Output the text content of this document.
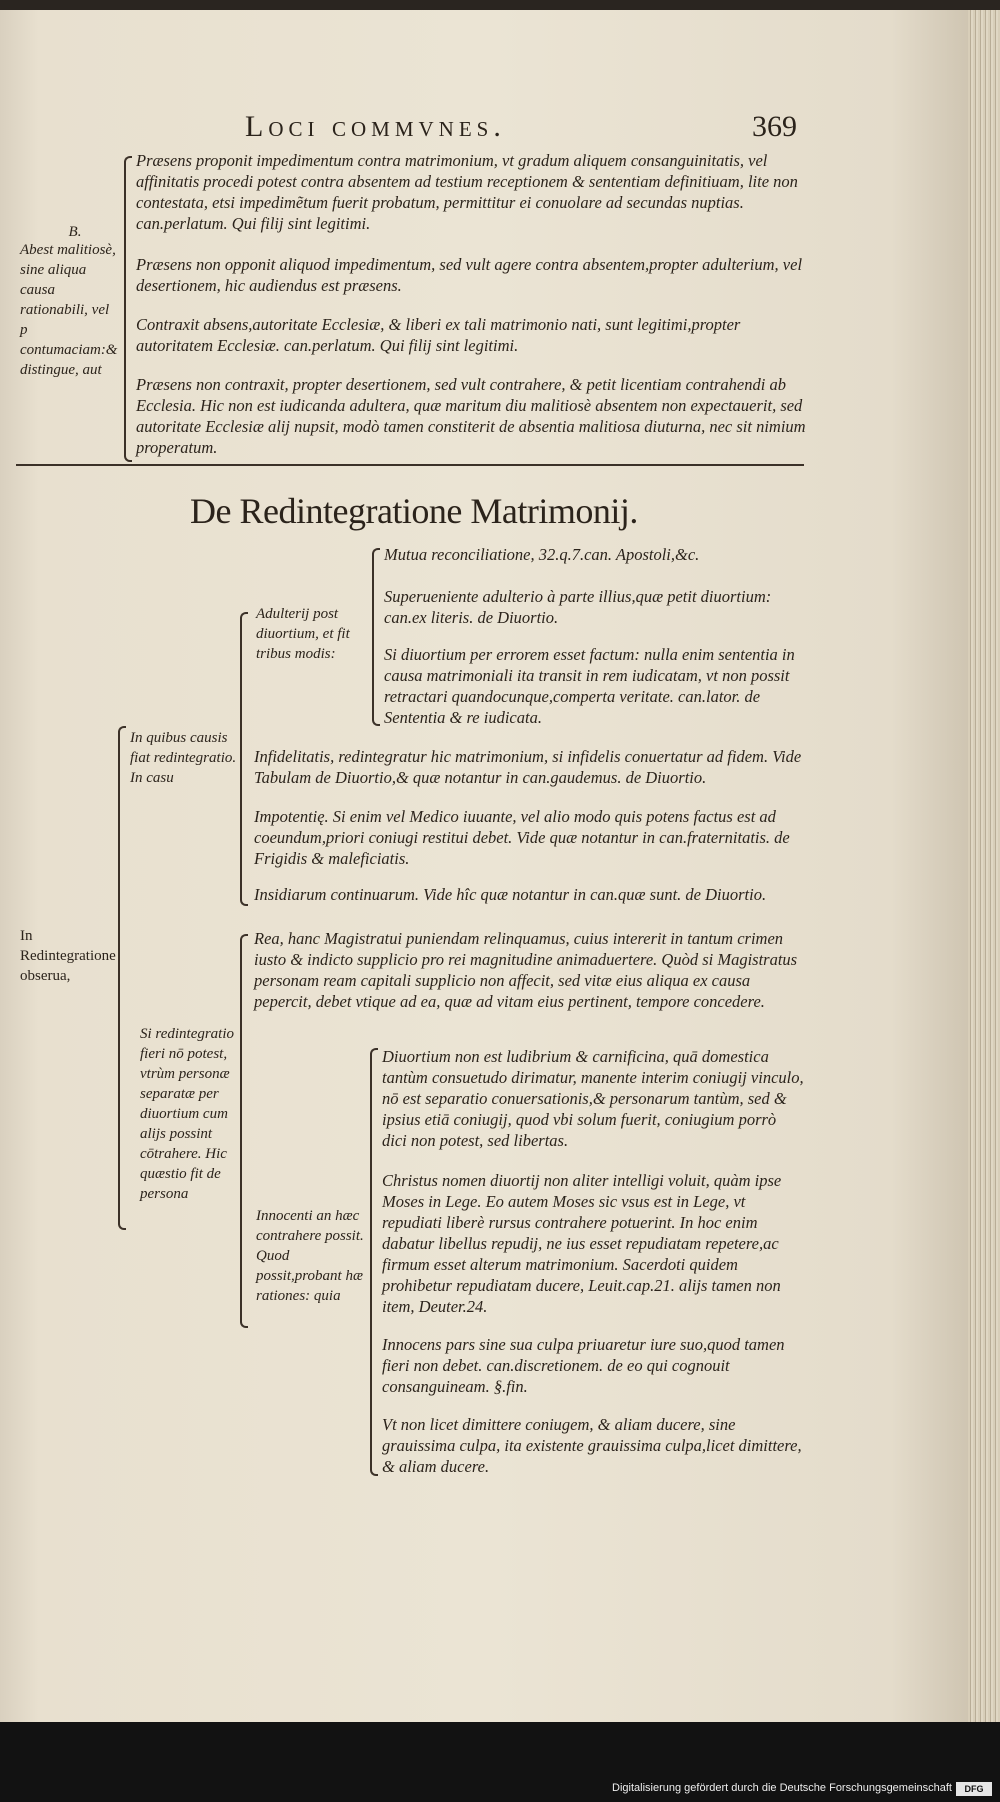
Loci commvnes.	369
B.
Abest malitiosè, sine aliqua causa rationabili, vel p contumaciam:& distingue, aut
Præsens proponit impedimentum contra matrimonium, vt gradum aliquem consanguinitatis, vel affinitatis procedi potest contra absentem ad testium receptionem & sententiam definitiuam, lite non contestata, etsi impedimẽtum fuerit probatum, permittitur ei conuolare ad secundas nuptias. can.perlatum. Qui filij sint legitimi.
Præsens non opponit aliquod impedimentum, sed vult agere contra absentem,propter adulterium, vel desertionem, hic audiendus est præsens.
Contraxit absens,autoritate Ecclesiæ, & liberi ex tali matrimonio nati, sunt legitimi,propter autoritatem Ecclesiæ. can.perlatum. Qui filij sint legitimi.
Præsens non contraxit, propter desertionem, sed vult contrahere, & petit licentiam contrahendi ab Ecclesia. Hic non est iudicanda adultera, quæ maritum diu malitiosè absentem non expectauerit, sed autoritate Ecclesiæ alij nupsit, modò tamen constiterit de absentia malitiosa diuturna, nec sit nimium properatum.
De Redintegratione Matrimonij.
In Redintegratione obserua,
In quibus causis fiat redintegratio. In casu
Adulterij post diuortium, et fit tribus modis:
Mutua reconciliatione, 32.q.7.can. Apostoli,&c.
Superueniente adulterio à parte illius,quæ petit diuortium: can.ex literis. de Diuortio.
Si diuortium per errorem esset factum: nulla enim sententia in causa matrimoniali ita transit in rem iudicatam, vt non possit retractari quandocunque,comperta veritate. can.lator. de Sententia & re iudicata.
Infidelitatis, redintegratur hic matrimonium, si infidelis conuertatur ad fidem. Vide Tabulam de Diuortio,& quæ notantur in can.gaudemus. de Diuortio.
Impotentię. Si enim vel Medico iuuante, vel alio modo quis potens factus est ad coeundum,priori coniugi restitui debet. Vide quæ notantur in can.fraternitatis. de Frigidis & maleficiatis.
Insidiarum continuarum. Vide hîc quæ notantur in can.quæ sunt. de Diuortio.
Si redintegratio fieri nō potest, vtrùm personæ separatæ per diuortium cum alijs possint cōtrahere. Hic quæstio fit de persona
Rea, hanc Magistratui puniendam relinquamus, cuius intererit in tantum crimen iusto & indicto supplicio pro rei magnitudine animaduertere. Quòd si Magistratus personam ream capitali supplicio non affecit, sed vitæ eius aliqua ex causa pepercit, debet vtique ad ea, quæ ad vitam eius pertinent, tempore concedere.
Innocenti an hæc contrahere possit. Quod possit,probant hæ rationes: quia
Diuortium non est ludibrium & carnificina, quā domestica tantùm consuetudo dirimatur, manente interim coniugij vinculo, nō est separatio conuersationis,& personarum tantùm, sed & ipsius etiā coniugij, quod vbi solum fuerit, coniugium porrò dici non potest, sed libertas.
Christus nomen diuortij non aliter intelligi voluit, quàm ipse Moses in Lege. Eo autem Moses sic vsus est in Lege, vt repudiati liberè rursus contrahere potuerint. In hoc enim dabatur libellus repudij, ne ius esset repudiatam repetere,ac firmum esset alterum matrimonium. Sacerdoti quidem prohibetur repudiatam ducere, Leuit.cap.21. alijs tamen non item, Deuter.24.
Innocens pars sine sua culpa priuaretur iure suo,quod tamen fieri non debet. can.discretionem. de eo qui cognouit consanguineam. §.fin.
Vt non licet dimittere coniugem, & aliam ducere, sine grauissima culpa, ita existente grauissima culpa,licet dimittere, & aliam ducere.
Digitalisierung gefördert durch die Deutsche Forschungsgemeinschaft	DFG
